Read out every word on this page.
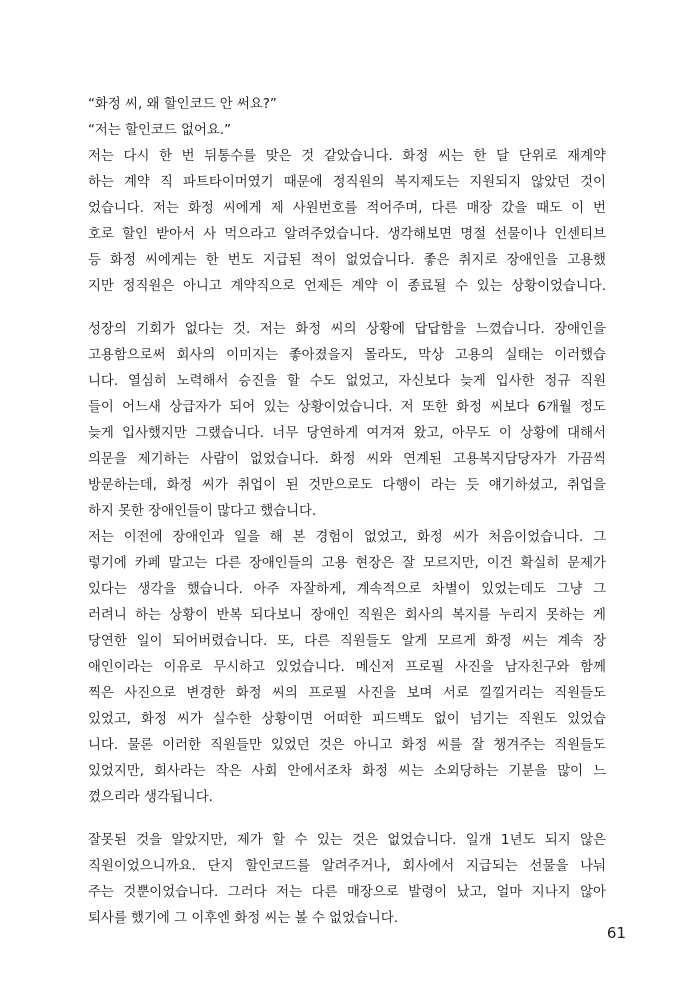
“화정 씨, 왜 할인코드 안 써요?”
“저는 할인코드 없어요.”
저는 다시 한 번 뒤통수를 맞은 것 같았습니다. 화정 씨는 한 달 단위로 재계약
하는 계약 직 파트타이머였기 때문에 정직원의 복지제도는 지원되지 않았던 것이
었습니다. 저는 화정 씨에게 제 사원번호를 적어주며, 다른 매장 갔을 때도 이 번
호로 할인 받아서 사 먹으라고 알려주었습니다. 생각해보면 명절 선물이나 인센티브
등 화정 씨에게는 한 번도 지급된 적이 없었습니다. 좋은 취지로 장애인을 고용했
지만 정직원은 아니고 계약직으로 언제든 계약 이 종료될 수 있는 상황이었습니다.
성장의 기회가 없다는 것. 저는 화정 씨의 상황에 답답함을 느꼈습니다. 장애인을
고용함으로써 회사의 이미지는 좋아졌을지 몰라도, 막상 고용의 실태는 이러했습
니다. 열심히 노력해서 승진을 할 수도 없었고, 자신보다 늦게 입사한 정규 직원
들이 어느새 상급자가 되어 있는 상황이었습니다. 저 또한 화정 씨보다 6개월 정도
늦게 입사했지만 그랬습니다. 너무 당연하게 여겨져 왔고, 아무도 이 상황에 대해서
의문을 제기하는 사람이 없었습니다. 화정 씨와 연계된 고용복지담당자가 가끔씩
방문하는데, 화정 씨가 취업이 된 것만으로도 다행이 라는 듯 얘기하셨고, 취업을
하지 못한 장애인들이 많다고 했습니다.
저는 이전에 장애인과 일을 해 본 경험이 없었고, 화정 씨가 처음이었습니다. 그
렇기에 카페 말고는 다른 장애인들의 고용 현장은 잘 모르지만, 이건 확실히 문제가
있다는 생각을 했습니다. 아주 자잘하게, 계속적으로 차별이 있었는데도 그냥 그
러려니 하는 상황이 반복 되다보니 장애인 직원은 회사의 복지를 누리지 못하는 게
당연한 일이 되어버렸습니다. 또, 다른 직원들도 알게 모르게 화정 씨는 계속 장
애인이라는 이유로 무시하고 있었습니다. 메신저 프로필 사진을 남자친구와 함께
찍은 사진으로 변경한 화정 씨의 프로필 사진을 보며 서로 낄낄거리는 직원들도
있었고, 화정 씨가 실수한 상황이면 어떠한 피드백도 없이 넘기는 직원도 있었습
니다. 물론 이러한 직원들만 있었던 것은 아니고 화정 씨를 잘 챙겨주는 직원들도
있었지만, 회사라는 작은 사회 안에서조차 화정 씨는 소외당하는 기분을 많이 느
꼈으리라 생각됩니다.
잘못된 것을 알았지만, 제가 할 수 있는 것은 없었습니다. 일개 1년도 되지 않은
직원이었으니까요. 단지 할인코드를 알려주거나, 회사에서 지급되는 선물을 나눠
주는 것뿐이었습니다. 그러다 저는 다른 매장으로 발령이 났고, 얼마 지나지 않아
퇴사를 했기에 그 이후엔 화정 씨는 볼 수 없었습니다.
61
